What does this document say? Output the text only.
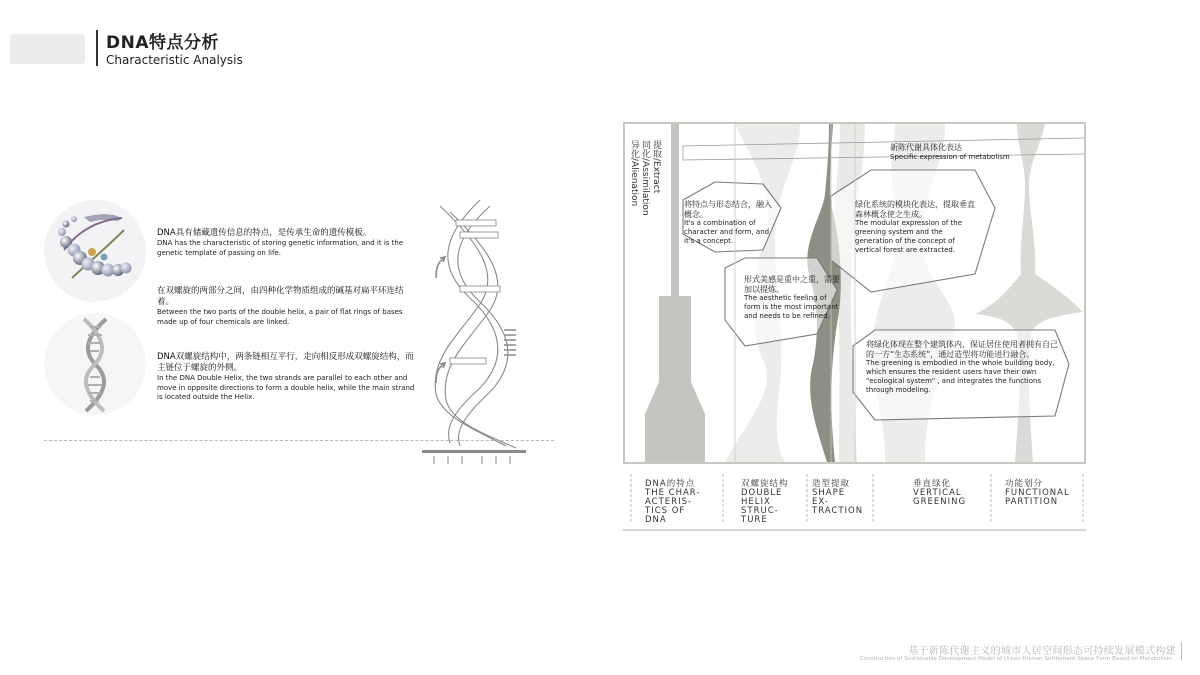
DNA特点分析
Characteristic Analysis
DNA具有储藏遗传信息的特点，是传承生命的遗传模板。
DNA has the characteristic of storing genetic information, and it is the genetic template of passing on life.
在双螺旋的两部分之间，由四种化学物质组成的碱基对扁平环连结着。
Between the two parts of the double helix, a pair of flat rings of bases made up of four chemicals are linked.
DNA双螺旋结构中，两条链相互平行，走向相反形成双螺旋结构，而主链位于螺旋的外侧。
In the DNA Double Helix, the two strands are parallel to each other and move in opposite directions to form a double helix, while the main strand is located outside the Helix.
提取/Extract
同化/Assimilation
异化/Alienation	新陈代谢具体化表达
Specific expression of metabolism
将特点与形态结合，融入概念。
It's a combination of character and form, and it's a concept.
绿化系统的模块化表达，提取垂直森林概念使之生成。
The modular expression of the greening system and the generation of the concept of vertical forest are extracted.
形式美感是重中之重，需要加以提炼。
The aesthetic feeling of form is the most important and needs to be refined.
将绿化体现在整个建筑体内，保证居住使用者拥有自己的一方“生态系统”，通过造型将功能进行融合。
The greening is embodied in the whole building body, which ensures the resident users have their own "ecological system" , and integrates the functions through modeling.
DNA的特点
THE CHAR-
ACTERIS-
TICS OF
DNA
双螺旋结构
DOUBLE
HELIX
STRUC-
TURE
造型提取
SHAPE
EX-
TRACTION
垂直绿化
VERTICAL
GREENING
功能划分
FUNCTIONAL
PARTITION
基于新陈代谢主义的城市人居空间形态可持续发展模式构建
Construction of Sustainable Development Model of Urban Human Settlement Space Form Based on Metabolism
